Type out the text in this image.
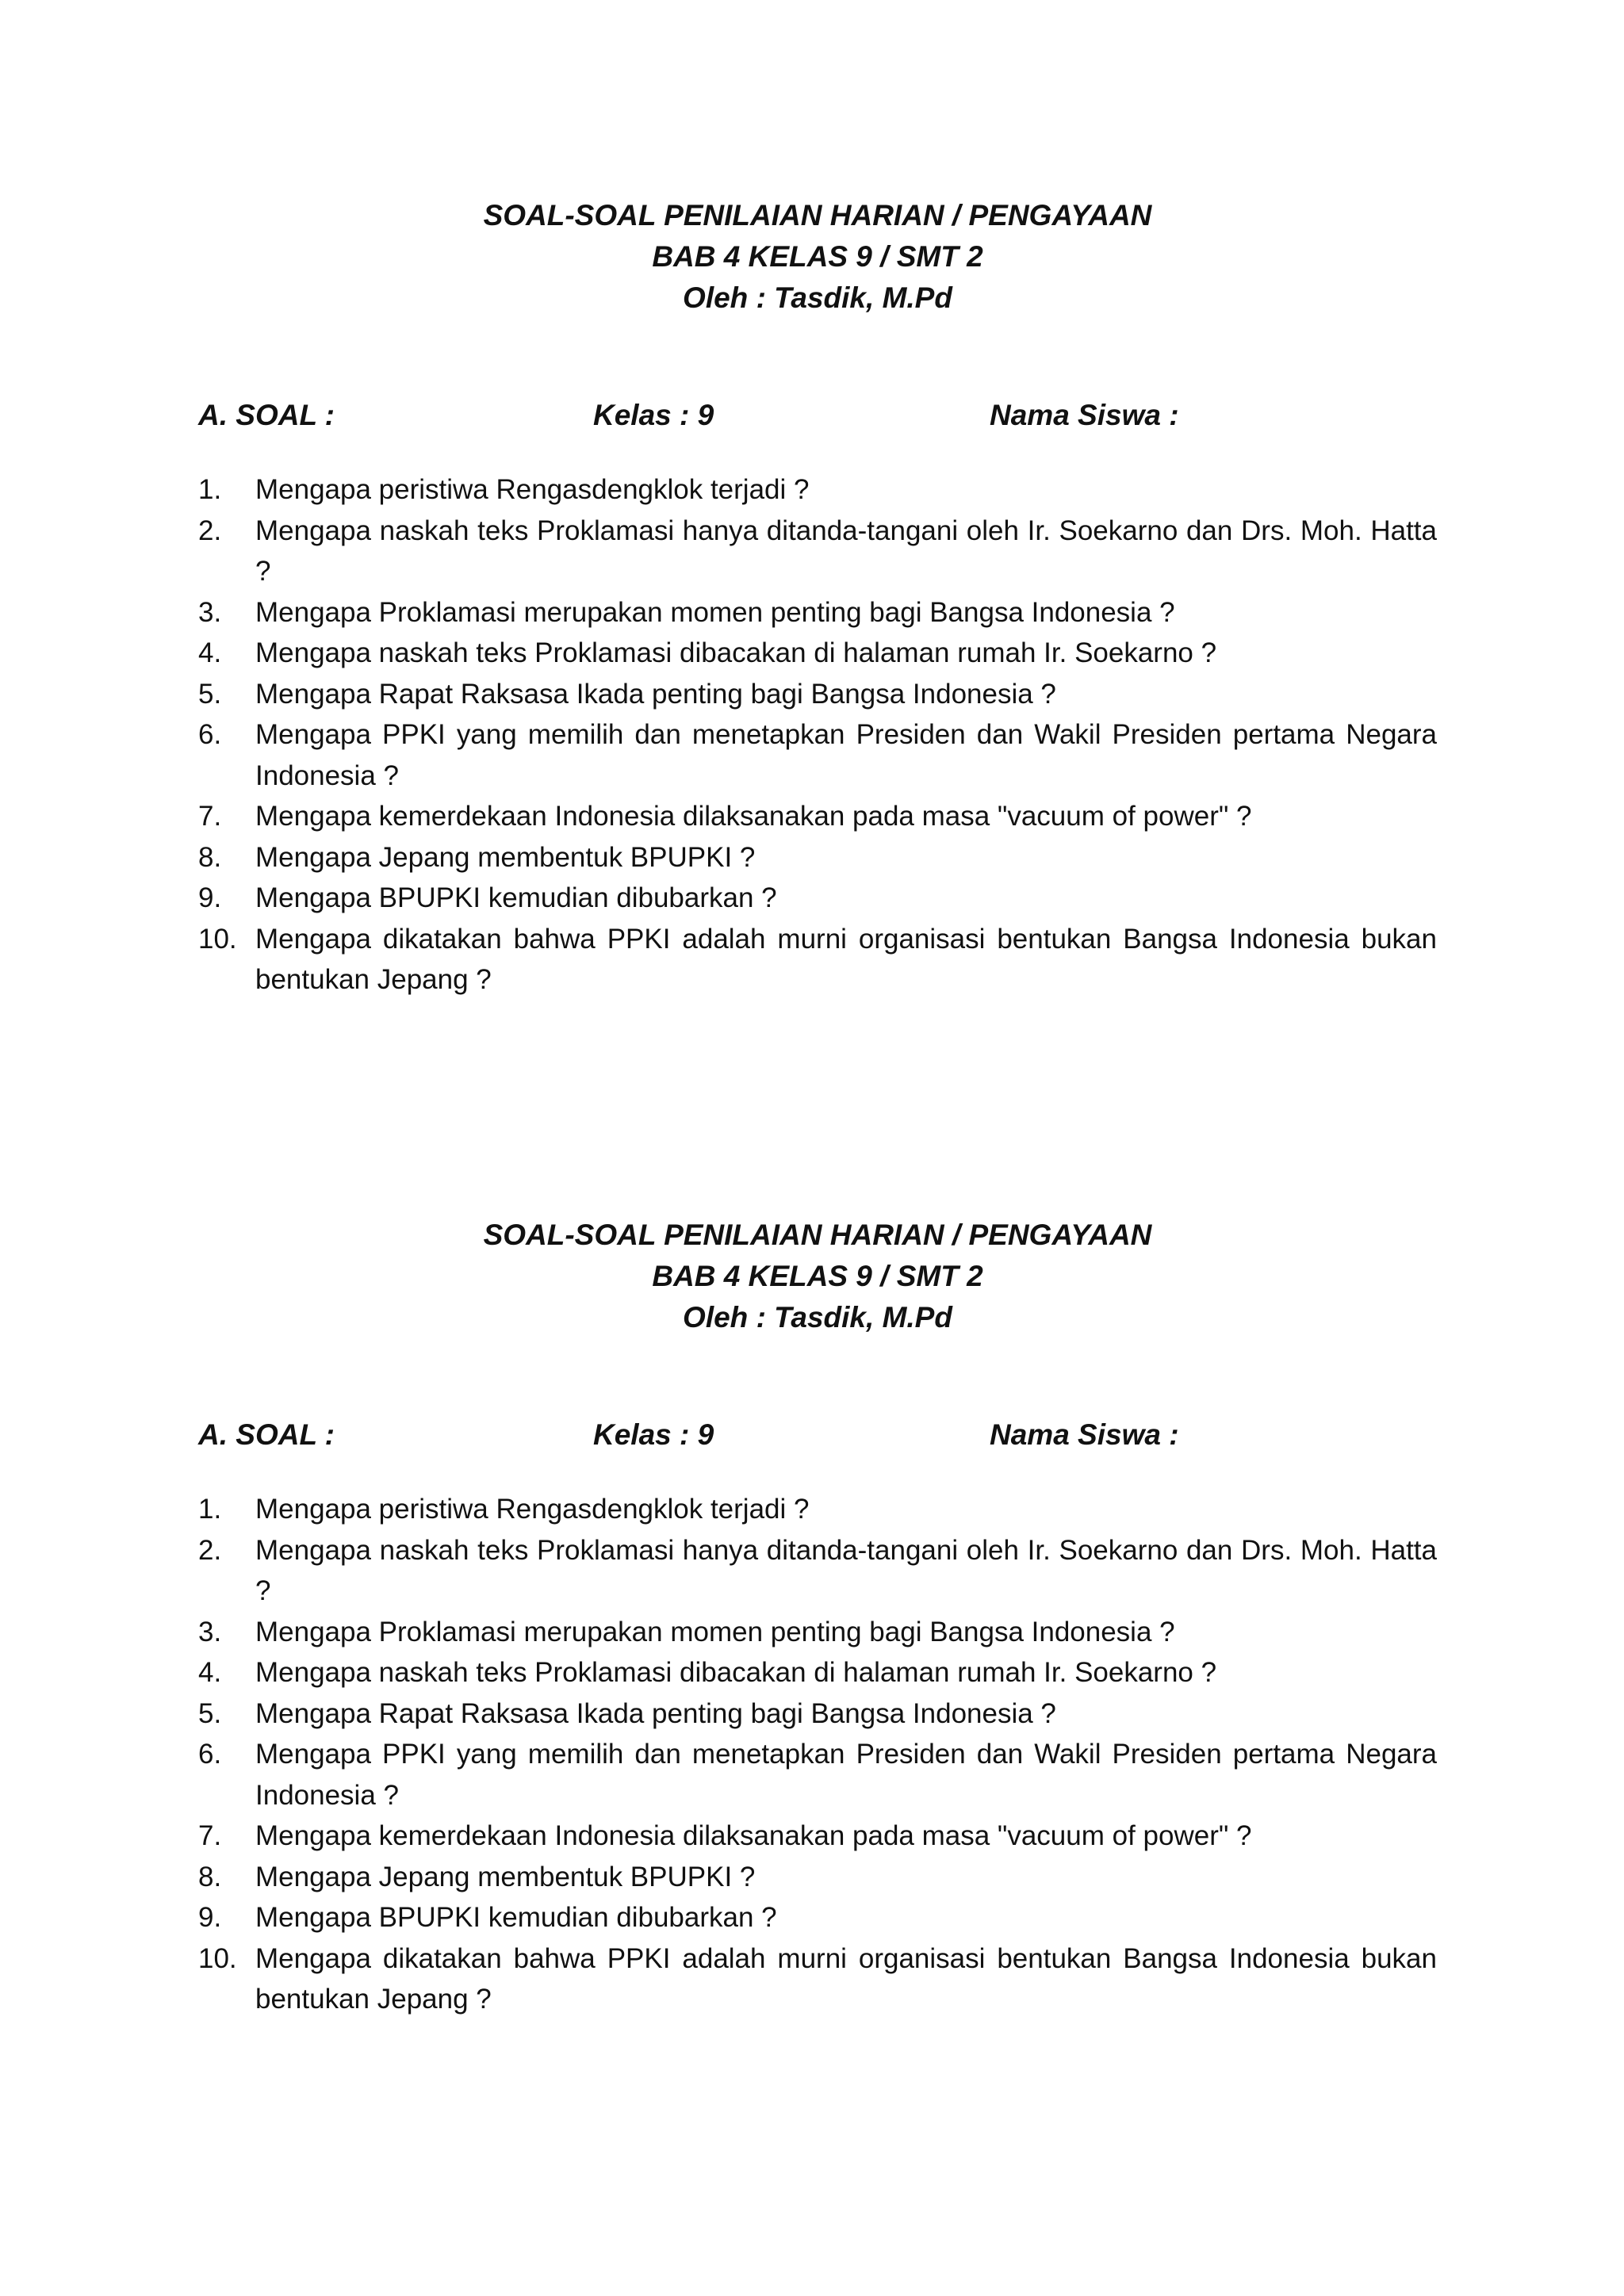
SOAL-SOAL PENILAIAN HARIAN / PENGAYAAN
BAB 4 KELAS 9 / SMT 2
Oleh : Tasdik, M.Pd
A. SOAL :	Kelas : 9	Nama Siswa :
1.	Mengapa peristiwa Rengasdengklok terjadi ?
2.	Mengapa naskah teks Proklamasi hanya ditanda-tangani oleh Ir. Soekarno dan Drs. Moh. Hatta ?
3.	Mengapa Proklamasi merupakan momen penting bagi Bangsa Indonesia ?
4.	Mengapa naskah teks Proklamasi dibacakan di halaman rumah Ir. Soekarno ?
5.	Mengapa Rapat Raksasa Ikada penting bagi Bangsa Indonesia ?
6.	Mengapa PPKI yang memilih dan menetapkan Presiden dan Wakil Presiden pertama Negara Indonesia ?
7.	Mengapa kemerdekaan Indonesia dilaksanakan pada masa "vacuum of power" ?
8.	Mengapa Jepang membentuk BPUPKI ?
9.	Mengapa BPUPKI kemudian dibubarkan ?
10. Mengapa dikatakan bahwa PPKI adalah murni organisasi bentukan Bangsa Indonesia bukan bentukan Jepang ?
SOAL-SOAL PENILAIAN HARIAN / PENGAYAAN
BAB 4 KELAS 9 / SMT 2
Oleh : Tasdik, M.Pd
A. SOAL :	Kelas : 9	Nama Siswa :
1.	Mengapa peristiwa Rengasdengklok terjadi ?
2.	Mengapa naskah teks Proklamasi hanya ditanda-tangani oleh Ir. Soekarno dan Drs. Moh. Hatta ?
3.	Mengapa Proklamasi merupakan momen penting bagi Bangsa Indonesia ?
4.	Mengapa naskah teks Proklamasi dibacakan di halaman rumah Ir. Soekarno ?
5.	Mengapa Rapat Raksasa Ikada penting bagi Bangsa Indonesia ?
6.	Mengapa PPKI yang memilih dan menetapkan Presiden dan Wakil Presiden pertama Negara Indonesia ?
7.	Mengapa kemerdekaan Indonesia dilaksanakan pada masa "vacuum of power" ?
8.	Mengapa Jepang membentuk BPUPKI ?
9.	Mengapa BPUPKI kemudian dibubarkan ?
10. Mengapa dikatakan bahwa PPKI adalah murni organisasi bentukan Bangsa Indonesia bukan bentukan Jepang ?
